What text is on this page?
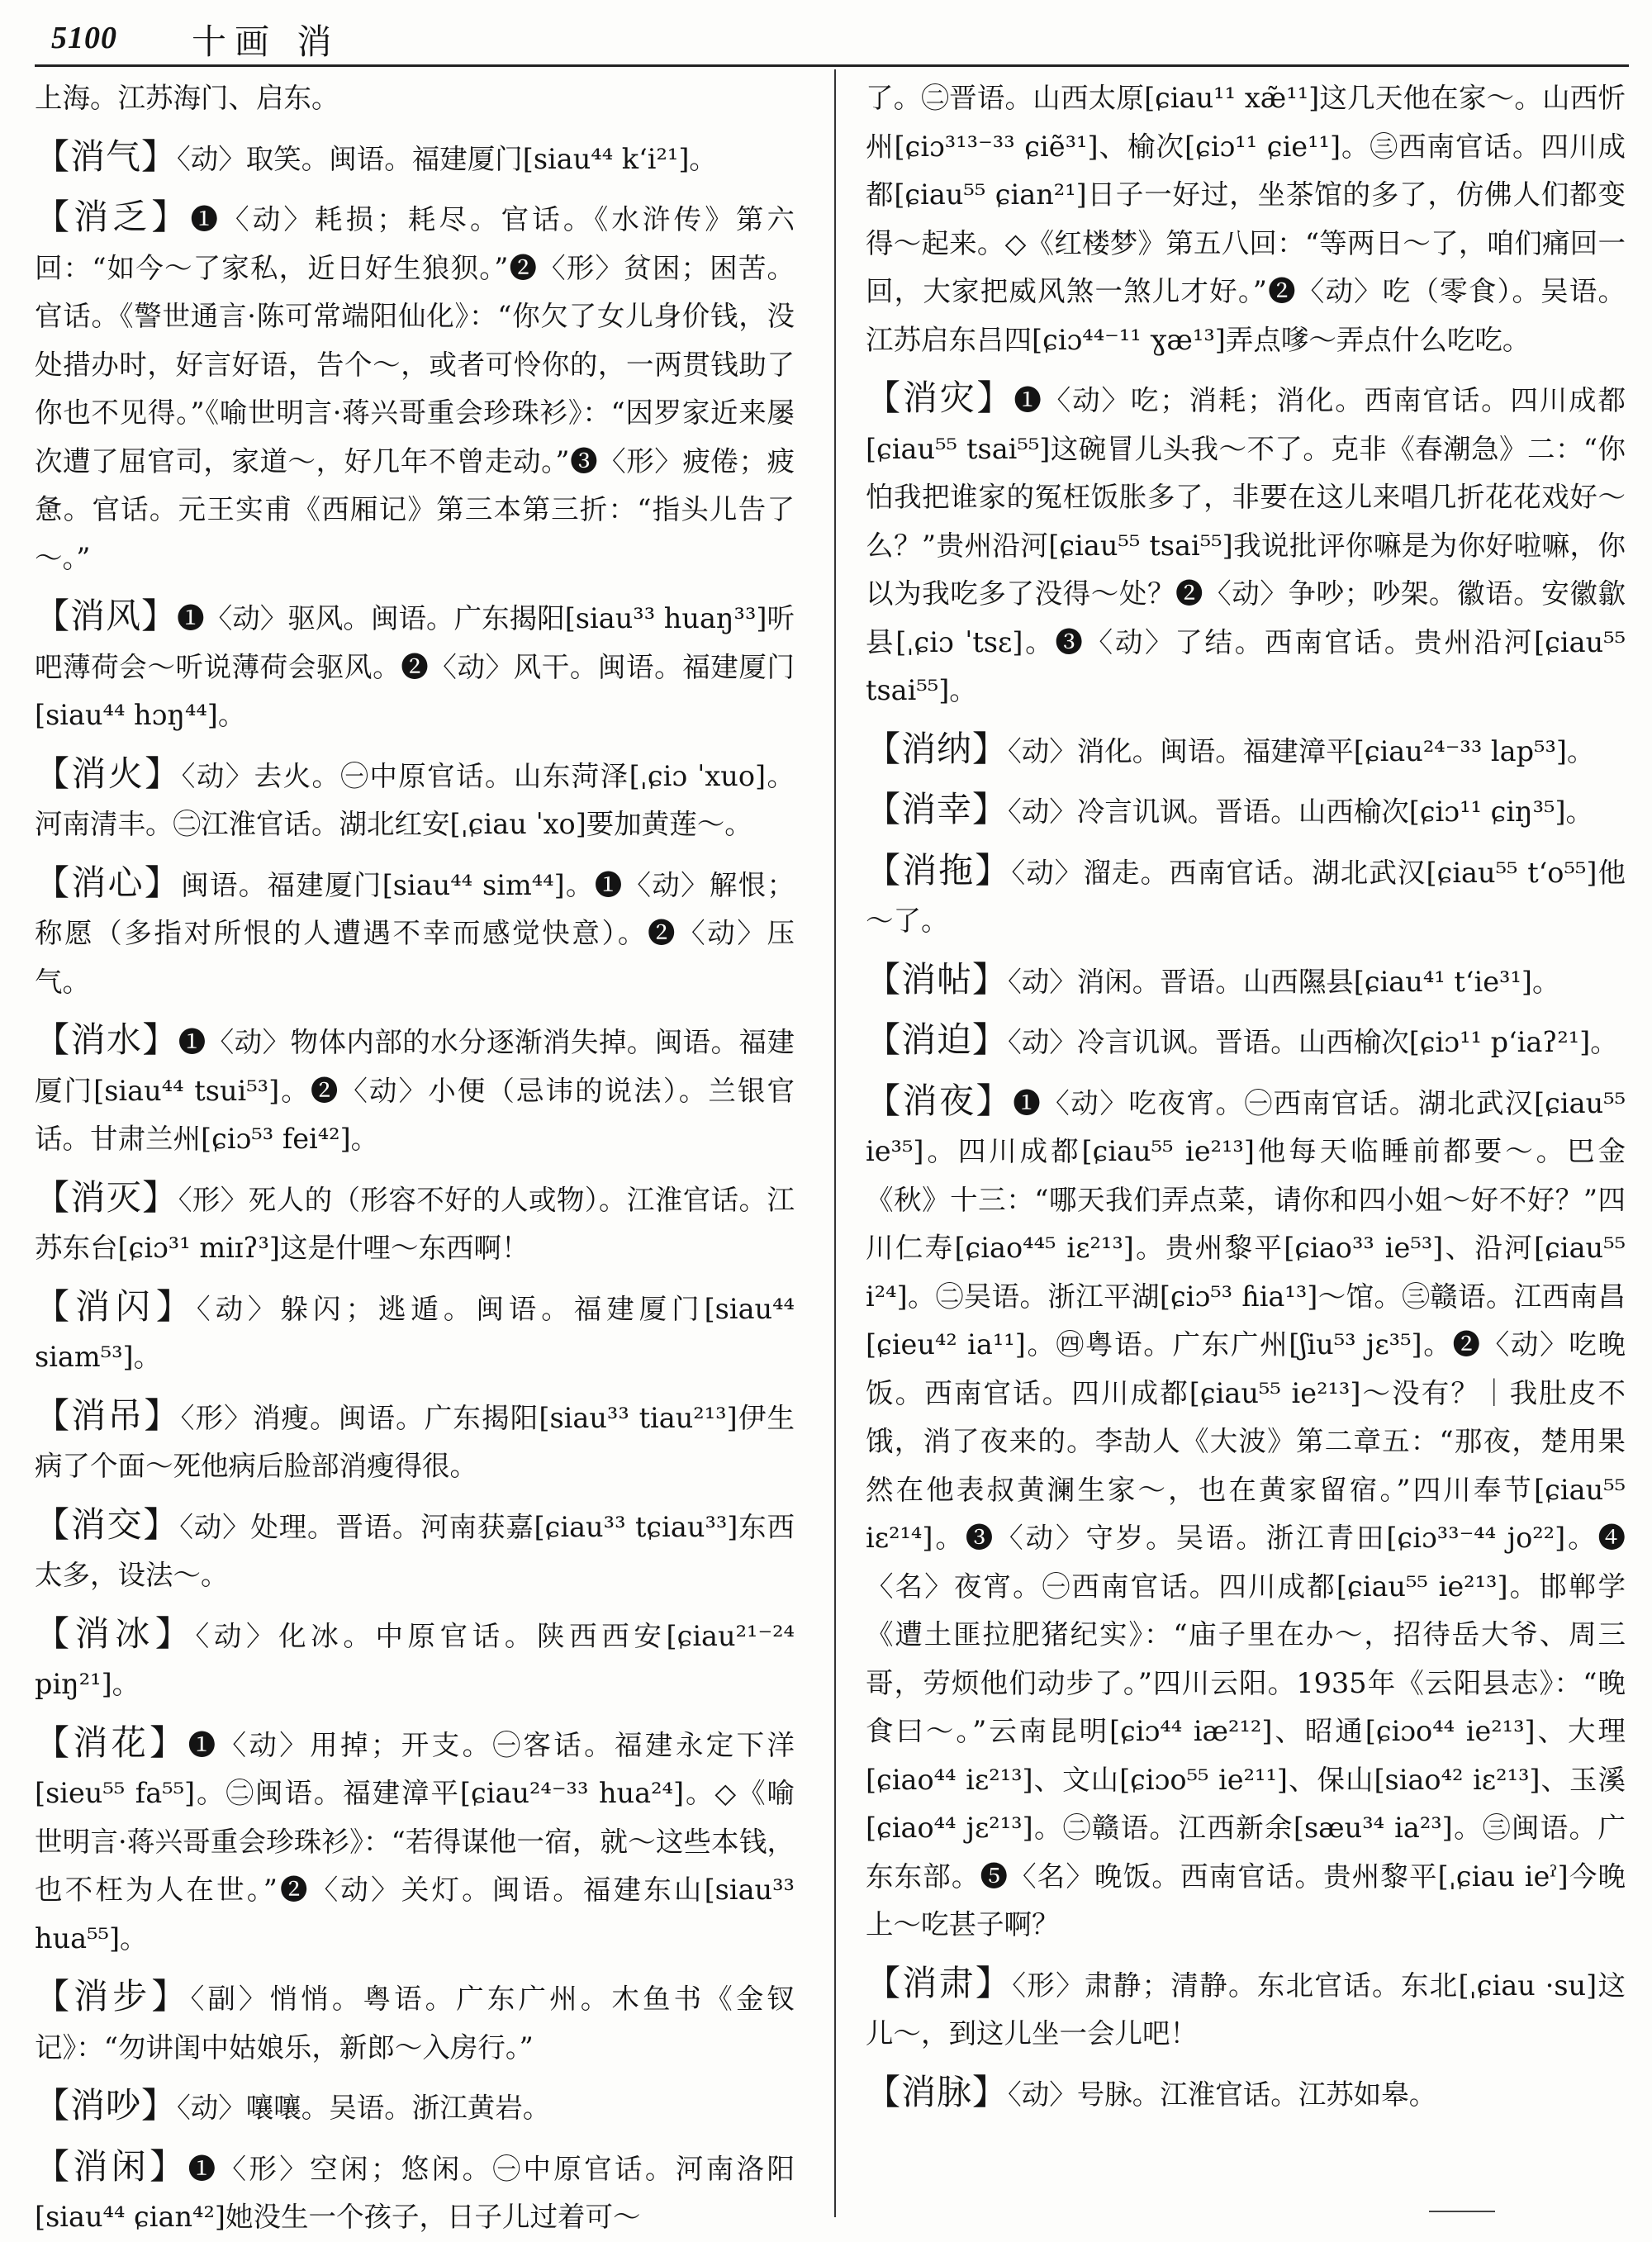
5100 十画 消

上海。江苏海门、启东。

【消气】〈动〉取笑。闽语。福建厦门[siau⁴⁴ kʻi²¹]。

【消乏】❶〈动〉耗损；耗尽。官话。《水浒传》第六回：“如今～了家私，近日好生狼狈。”❷〈形〉贫困；困苦。官话。《警世通言·陈可常端阳仙化》：“你欠了女儿身价钱，没处措办时，好言好语，告个～，或者可怜你的，一两贯钱助了你也不见得。”《喻世明言·蒋兴哥重会珍珠衫》：“因罗家近来屡次遭了屈官司，家道～，好几年不曾走动。”❸〈形〉疲倦；疲惫。官话。元王实甫《西厢记》第三本第三折：“指头儿告了～。”

【消风】❶〈动〉驱风。闽语。广东揭阳[siau³³ huaŋ³³]听吧薄荷会～听说薄荷会驱风。❷〈动〉风干。闽语。福建厦门[siau⁴⁴ hɔŋ⁴⁴]。

【消火】〈动〉去火。㊀中原官话。山东菏泽[ˌɕiɔ ˈxuo]。河南清丰。㊁江淮官话。湖北红安[ˌɕiau ˈxo]要加黄莲～。

【消心】闽语。福建厦门[siau⁴⁴ sim⁴⁴]。❶〈动〉解恨；称愿（多指对所恨的人遭遇不幸而感觉快意）。❷〈动〉压气。

【消水】❶〈动〉物体内部的水分逐渐消失掉。闽语。福建厦门[siau⁴⁴ tsui⁵³]。❷〈动〉小便（忌讳的说法）。兰银官话。甘肃兰州[ɕiɔ⁵³ fei⁴²]。

【消灭】〈形〉死人的（形容不好的人或物）。江淮官话。江苏东台[ɕiɔ³¹ miɪʔ³]这是什哩～东西啊！

【消闪】〈动〉躲闪；逃遁。闽语。福建厦门[siau⁴⁴ siam⁵³]。

【消吊】〈形〉消瘦。闽语。广东揭阳[siau³³ tiau²¹³]伊生病了个面～死他病后脸部消瘦得很。

【消交】〈动〉处理。晋语。河南获嘉[ɕiau³³ tɕiau³³]东西太多，设法～。

【消冰】〈动〉化冰。中原官话。陕西西安[ɕiau²¹⁻²⁴ piŋ²¹]。

【消花】❶〈动〉用掉；开支。㊀客话。福建永定下洋[sieu⁵⁵ fa⁵⁵]。㊁闽语。福建漳平[ɕiau²⁴⁻³³ hua²⁴]。◇《喻世明言·蒋兴哥重会珍珠衫》：“若得谋他一宿，就～这些本钱，也不枉为人在世。”❷〈动〉关灯。闽语。福建东山[siau³³ hua⁵⁵]。

【消步】〈副〉悄悄。粤语。广东广州。木鱼书《金钗记》：“勿讲闺中姑娘乐，新郎～入房行。”

【消吵】〈动〉嚷嚷。吴语。浙江黄岩。

【消闲】❶〈形〉空闲；悠闲。㊀中原官话。河南洛阳[siau⁴⁴ ɕian⁴²]她没生一个孩子，日子儿过着可～

了。㊁晋语。山西太原[ɕiau¹¹ xæ̃¹¹]这几天他在家～。山西忻州[ɕiɔ³¹³⁻³³ ɕiẽ³¹]、榆次[ɕiɔ¹¹ ɕie¹¹]。㊂西南官话。四川成都[ɕiau⁵⁵ ɕian²¹]日子一好过，坐茶馆的多了，仿佛人们都变得～起来。◇《红楼梦》第五八回：“等两日～了，咱们痛回一回，大家把威风煞一煞儿才好。”❷〈动〉吃（零食）。吴语。江苏启东吕四[ɕiɔ⁴⁴⁻¹¹ ɣæ¹³]弄点嗲～弄点什么吃吃。

【消灾】❶〈动〉吃；消耗；消化。西南官话。四川成都[ɕiau⁵⁵ tsai⁵⁵]这碗冒儿头我～不了。克非《春潮急》二：“你怕我把谁家的冤枉饭胀多了，非要在这儿来唱几折花花戏好～么？”贵州沿河[ɕiau⁵⁵ tsai⁵⁵]我说批评你嘛是为你好啦嘛，你以为我吃多了没得～处？❷〈动〉争吵；吵架。徽语。安徽歙县[ˌɕiɔ ˈtsɛ]。❸〈动〉了结。西南官话。贵州沿河[ɕiau⁵⁵ tsai⁵⁵]。

【消纳】〈动〉消化。闽语。福建漳平[ɕiau²⁴⁻³³ lap⁵³]。

【消幸】〈动〉冷言讥讽。晋语。山西榆次[ɕiɔ¹¹ ɕiŋ³⁵]。

【消拖】〈动〉溜走。西南官话。湖北武汉[ɕiau⁵⁵ tʻo⁵⁵]他～了。

【消帖】〈动〉消闲。晋语。山西隰县[ɕiau⁴¹ tʻie³¹]。

【消迫】〈动〉冷言讥讽。晋语。山西榆次[ɕiɔ¹¹ pʻiaʔ²¹]。

【消夜】❶〈动〉吃夜宵。㊀西南官话。湖北武汉[ɕiau⁵⁵ ie³⁵]。四川成都[ɕiau⁵⁵ ie²¹³]他每天临睡前都要～。巴金《秋》十三：“哪天我们弄点菜，请你和四小姐～好不好？”四川仁寿[ɕiao⁴⁴⁵ iɛ²¹³]。贵州黎平[ɕiao³³ ie⁵³]、沿河[ɕiau⁵⁵ i²⁴]。㊁吴语。浙江平湖[ɕiɔ⁵³ ɦia¹³]～馆。㊂赣语。江西南昌[ɕieu⁴² ia¹¹]。㊃粤语。广东广州[ʃiu⁵³ jɛ³⁵]。❷〈动〉吃晚饭。西南官话。四川成都[ɕiau⁵⁵ ie²¹³]～没有？｜我肚皮不饿，消了夜来的。李劼人《大波》第二章五：“那夜，楚用果然在他表叔黄澜生家～，也在黄家留宿。”四川奉节[ɕiau⁵⁵ iɛ²¹⁴]。❸〈动〉守岁。吴语。浙江青田[ɕiɔ³³⁻⁴⁴ jo²²]。❹〈名〉夜宵。㊀西南官话。四川成都[ɕiau⁵⁵ ie²¹³]。邯郸学《遭土匪拉肥猪纪实》：“庙子里在办～，招待岳大爷、周三哥，劳烦他们动步了。”四川云阳。1935年《云阳县志》：“晚食曰～。”云南昆明[ɕiɔ⁴⁴ iæ²¹²]、昭通[ɕiɔo⁴⁴ ie²¹³]、大理[ɕiao⁴⁴ iɛ²¹³]、文山[ɕiɔo⁵⁵ ie²¹¹]、保山[siao⁴² iɛ²¹³]、玉溪[ɕiao⁴⁴ jɛ²¹³]。㊁赣语。江西新余[sæu³⁴ ia²³]。㊂闽语。广东东部。❺〈名〉晚饭。西南官话。贵州黎平[ˌɕiau ieˀ]今晚上～吃甚子啊？

【消肃】〈形〉肃静；清静。东北官话。东北[ˌɕiau ·su]这儿～，到这儿坐一会儿吧！

【消脉】〈动〉号脉。江淮官话。江苏如皋。
